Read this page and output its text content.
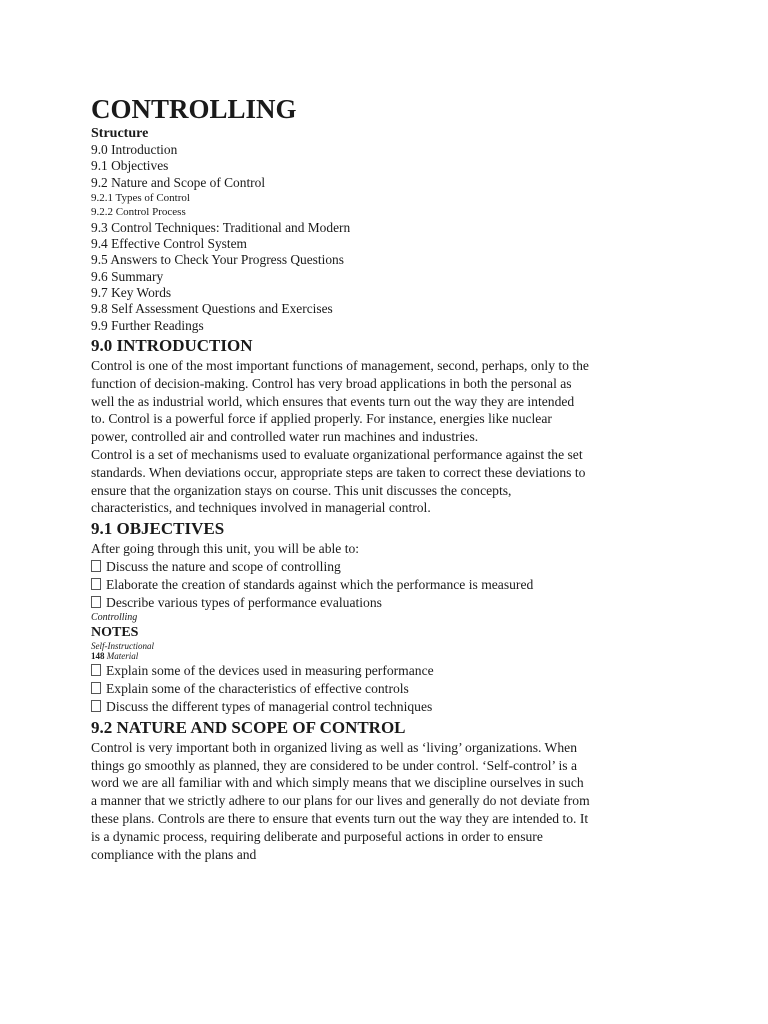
CONTROLLING
Structure
9.0 Introduction
9.1 Objectives
9.2 Nature and Scope of Control
9.2.1 Types of Control
9.2.2 Control Process
9.3 Control Techniques: Traditional and Modern
9.4 Effective Control System
9.5 Answers to Check Your Progress Questions
9.6 Summary
9.7 Key Words
9.8 Self Assessment Questions and Exercises
9.9 Further Readings
9.0 INTRODUCTION

Control is one of the most important functions of management, second, perhaps, only to the function of decision-making. Control has very broad applications in both the personal as well the as industrial world, which ensures that events turn out the way they are intended to. Control is a powerful force if applied properly. For instance, energies like nuclear power, controlled air and controlled water run machines and industries.

Control is a set of mechanisms used to evaluate organizational performance against the set standards. When deviations occur, appropriate steps are taken to correct these deviations to ensure that the organization stays on course. This unit discusses the concepts, characteristics, and techniques involved in managerial control.

9.1 OBJECTIVES

After going through this unit, you will be able to:

Discuss the nature and scope of controlling
Elaborate the creation of standards against which the performance is measured
Describe various types of performance evaluations
Controlling
NOTES
Self-Instructional
148 Material
Explain some of the devices used in measuring performance
Explain some of the characteristics of effective controls
Discuss the different types of managerial control techniques
9.2 NATURE AND SCOPE OF CONTROL

Control is very important both in organized living as well as ‘living’ organizations. When things go smoothly as planned, they are considered to be under control. ‘Self-control’ is a word we are all familiar with and which simply means that we discipline ourselves in such a manner that we strictly adhere to our plans for our lives and generally do not deviate from these plans. Controls are there to ensure that events turn out the way they are intended to. It is a dynamic process, requiring deliberate and purposeful actions in order to ensure compliance with the plans and
